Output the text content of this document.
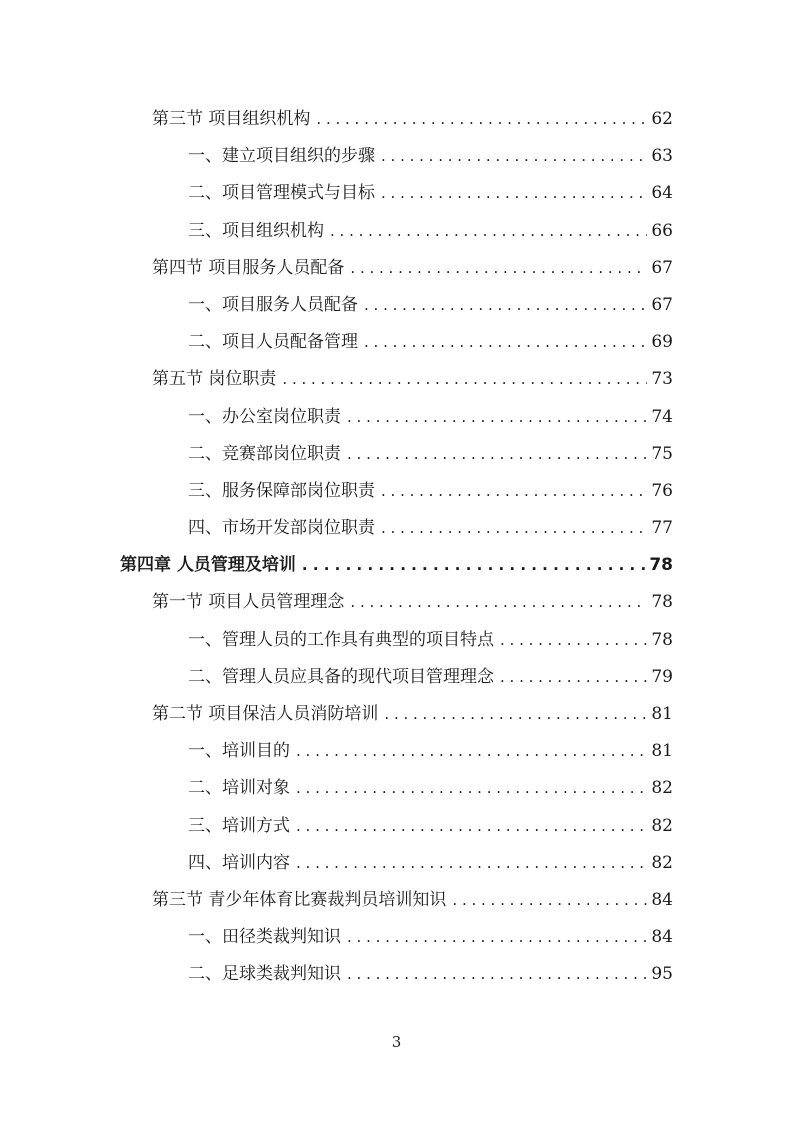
第三节 项目组织机构 . . .	62
一、建立项目组织的步骤 . . .	63
二、项目管理模式与目标 . . .	64
三、项目组织机构 . . .	66
第四节 项目服务人员配备 . . .	67
一、项目服务人员配备 . . .	67
二、项目人员配备管理 . . .	69
第五节 岗位职责 . . .	73
一、办公室岗位职责 . . .	74
二、竞赛部岗位职责 . . .	75
三、服务保障部岗位职责 . . .	76
四、市场开发部岗位职责 . . .	77
第四章 人员管理及培训 . . .	78
第一节 项目人员管理理念 . . .	78
一、管理人员的工作具有典型的项目特点 . . .	78
二、管理人员应具备的现代项目管理理念 . . .	79
第二节 项目保洁人员消防培训 . . .	81
一、培训目的 . . .	81
二、培训对象 . . .	82
三、培训方式 . . .	82
四、培训内容 . . .	82
第三节 青少年体育比赛裁判员培训知识 . . .	84
一、田径类裁判知识 . . .	84
二、足球类裁判知识 . . .	95
3
